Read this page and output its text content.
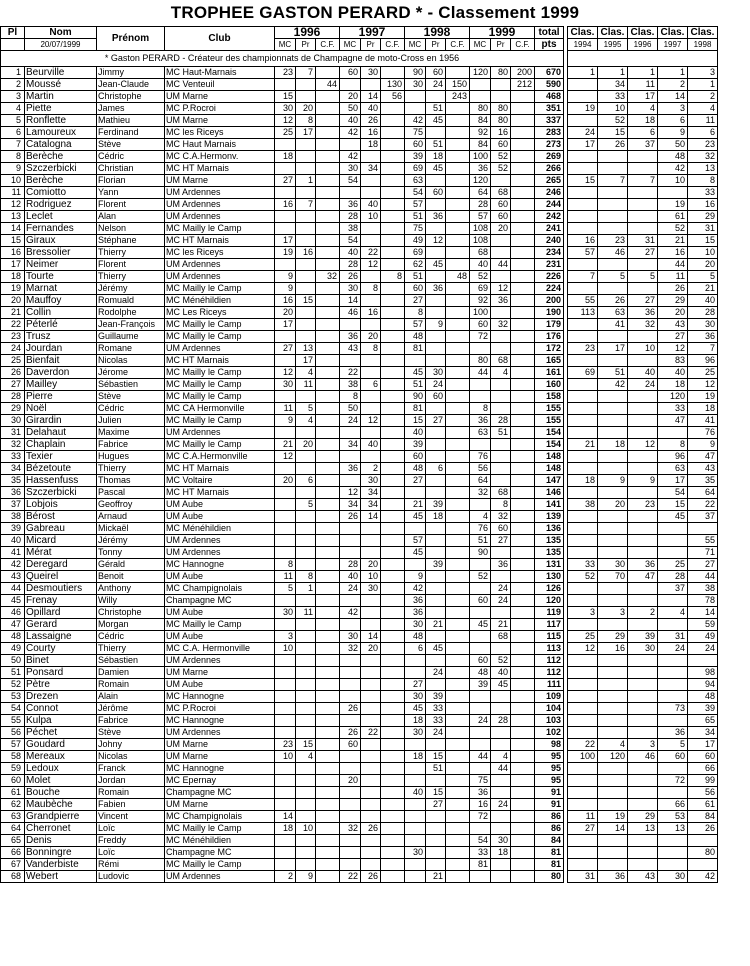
TROPHEE GASTON PERARD * - Classement 1999
Pl	Nom	Prénom	Club	1996			1997			1998			1999			total		Clas.	Clas.	Clas.	Clas.	Clas.
	20/07/1999			MC	Pr	C.F.	MC	Pr	C.F.	MC	Pr	C.F.	MC	Pr	C.F.	pts		1994	1995	1996	1997	1998
* Gaston PERARD - Créateur des championnats de Champagne de moto-Cross en 1956																						
1	Beurville	Jimmy	MC Haut-Marnais	23	7		60	30		90	60		120	80	200	670		1	1	1	1	3
2	Moussé	Jean-Claude	MC Venteuil			44			130	30	24	150			212	590			34	11	2	1
3	Martin	Christophe	UM Marne	15			20	14	56			243				468			33	17	14	2
4	Piette	James	MC P.Rocroi	30	20		50	40			51		80	80		351		19	10	4	3	4
5	Ronflette	Mathieu	UM Marne	12	8		40	26		42	45		84	80		337			52	18	6	11
6	Lamoureux	Ferdinand	MC les Riceys	25	17		42	16		75			92	16		283		24	15	6	9	6
7	Catalogna	Stève	MC Haut Marnais					18		60	51		84	60		273		17	26	37	50	23
8	Berèche	Cédric	MC C.A.Hermonv.	18			42			39	18		100	52		269					48	32
9	Szczerbicki	Christian	MC HT Marnais				30	34		69	45		36	52		266					42	13
10	Berèche	Florian	UM Marne	27	1		54			63			120			265		15	7	7	10	8
11	Comiotto	Yann	UM Ardennes							54	60		64	68		246						33
12	Rodriguez	Florent	UM Ardennes	16	7		36	40		57			28	60		244					19	16
13	Leclet	Alan	UM Ardennes				28	10		51	36		57	60		242					61	29
14	Fernandes	Nelson	MC Mailly le Camp				38			75			108	20		241					52	31
15	Giraux	Stéphane	MC HT Marnais	17			54			49	12		108			240		16	23	31	21	15
16	Bressolier	Thierry	MC les Riceys	19	16		40	22		69			68			234		57	46	27	16	10
17	Neimer	Florent	UM Ardennes				28	12		62	45		40	44		231					44	20
18	Tourte	Thierry	UM Ardennes	9		32	26		8	51		48	52			226		7	5	5	11	5
19	Marnat	Jérémy	MC Mailly le Camp	9			30	8		60	36		69	12		224					26	21
20	Mauffoy	Romuald	MC Ménéhildien	16	15		14			27			92	36		200		55	26	27	29	40
21	Collin	Rodolphe	MC Les Riceys	20			46	16		8			100			190		113	63	36	20	28
22	Péterlé	Jean-François	MC Mailly le Camp	17						57	9		60	32		179			41	32	43	30
23	Trusz	Guillaume	MC Mailly le Camp				36	20		48			72			176					27	36
24	Jourdan	Romane	UM Ardennes	27	13		43	8		81						172		23	17	10	12	7
25	Bienfait	Nicolas	MC HT Marnais		17								80	68		165					83	96
26	Daverdon	Jérome	MC Mailly le Camp	12	4		22			45	30		44	4		161		69	51	40	40	25
27	Mailley	Sébastien	MC Mailly le Camp	30	11		38	6		51	24					160			42	24	18	12
28	Pierre	Stève	MC Mailly le Camp				8			90	60					158					120	19
29	Noël	Cédric	MC CA Hermonville	11	5		50			81			8			155					33	18
30	Girardin	Julien	MC Mailly le Camp	9	4		24	12		15	27		36	28		155					47	41
31	Delahaut	Maxime	UM Ardennes							40			63	51		154						76
32	Chaplain	Fabrice	MC Mailly le Camp	21	20		34	40		39						154		21	18	12	8	9
33	Texier	Hugues	MC C.A.Hermonville	12						60			76			148					96	47
34	Bézetoute	Thierry	MC HT Marnais				36	2		48	6		56			148					63	43
35	Hassenfuss	Thomas	MC Voltaire	20	6			30		27			64			147		18	9	9	17	35
36	Szczerbicki	Pascal	MC HT Marnais				12	34					32	68		146					54	64
37	Lobjois	Geoffroy	UM Aube		5		34	34		21	39			8		141		38	20	23	15	22
38	Bérost	Arnaud	UM Aube				26	14		45	18		4	32		139					45	37
39	Gabreau	Mickaël	MC Ménéhildien										76	60		136						
40	Micard	Jérémy	UM Ardennes							57			51	27		135						55
41	Mérat	Tonny	UM Ardennes							45			90			135						71
42	Deregard	Gérald	MC Hannogne	8			28	20			39			36		131		33	30	36	25	27
43	Queirel	Benoit	UM Aube	11	8		40	10		9			52			130		52	70	47	28	44
44	Desmoutiers	Anthony	MC Champignolais	5	1		24	30		42				24		126					37	38
45	Frenay	Willy	Champagne MC							36			60	24		120						78
46	Opillard	Christophe	UM Aube	30	11		42			36						119		3	3	2	4	14
47	Gerard	Morgan	MC Mailly le Camp							30	21		45	21		117						59
48	Lassaigne	Cédric	UM Aube	3			30	14		48				68		115		25	29	39	31	49
49	Courty	Thierry	MC C.A. Hermonville	10			32	20		6	45					113		12	16	30	24	24
50	Binet	Sébastien	UM Ardennes										60	52		112						
51	Ponsard	Damien	UM Marne								24		48	40		112						98
52	Pètre	Romain	UM Aube							27			39	45		111						94
53	Drezen	Alain	MC Hannogne							30	39					109						48
54	Connot	Jérôme	MC P.Rocroi				26			45	33					104					73	39
55	Kulpa	Fabrice	MC Hannogne							18	33		24	28		103						65
56	Péchet	Stève	UM Ardennes				26	22		30	24					102					36	34
57	Goudard	Johny	UM Marne	23	15		60									98		22	4	3	5	17
58	Mereaux	Nicolas	UM Marne	10	4					18	15		44	4		95		100	120	46	60	60
59	Ledoux	Franck	MC Hannogne								51			44		95						66
60	Molet	Jordan	MC Epernay				20						75			95					72	99
61	Bouche	Romain	Champagne MC							40	15		36			91						56
62	Maubèche	Fabien	UM Marne								27		16	24		91					66	61
63	Grandpierre	Vincent	MC Champignolais	14									72			86		11	19	29	53	84
64	Cherronet	Loïc	MC Mailly le Camp	18	10		32	26								86		27	14	13	13	26
65	Denis	Freddy	MC Ménéhildien										54	30		84						
66	Bonningre	Loïc	Champagne MC							30			33	18		81						80
67	Vanderbiste	Rémi	MC Mailly le Camp										81			81						
68	Webert	Ludovic	UM Ardennes	2	9		22	26			21					80		31	36	43	30	42
